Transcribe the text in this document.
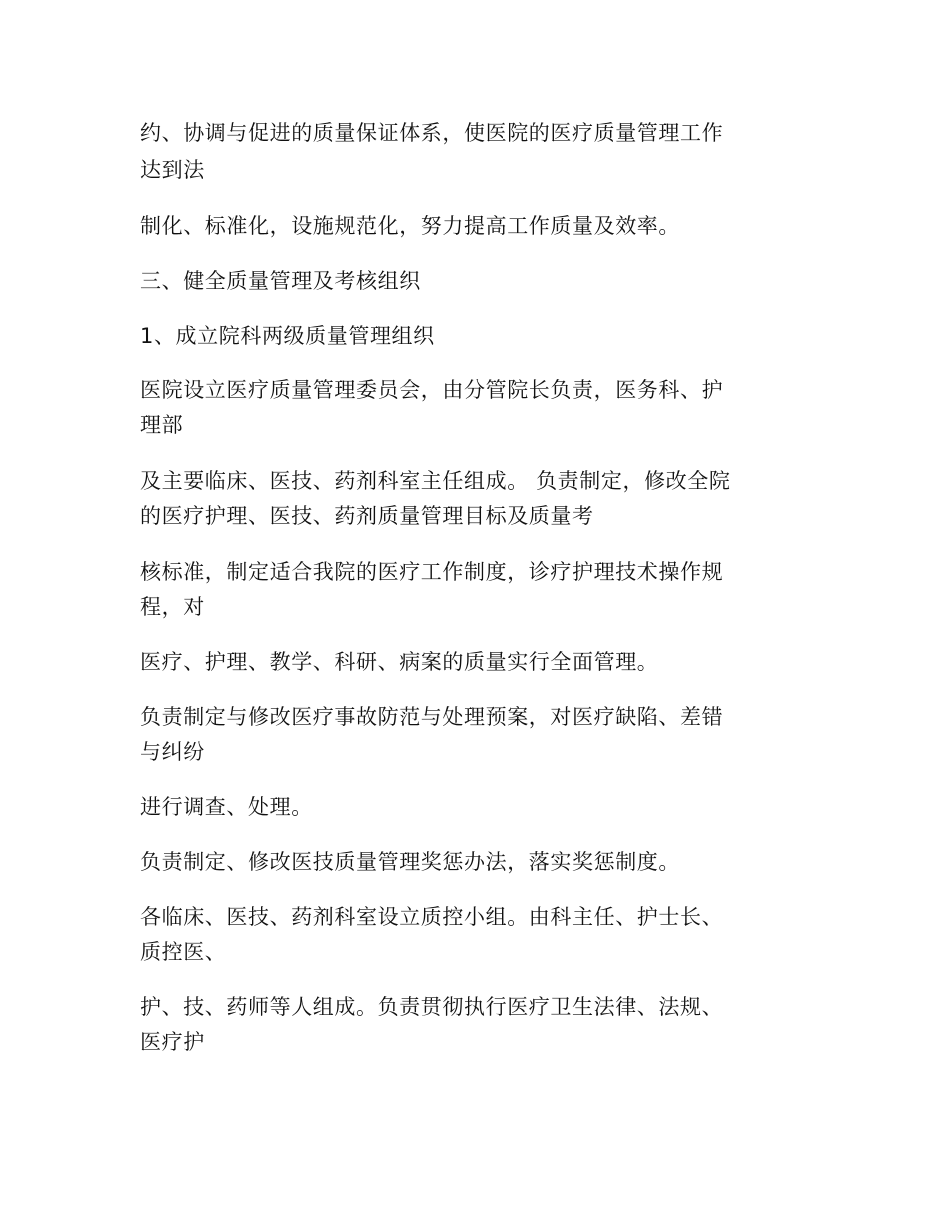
约、协调与促进的质量保证体系，使医院的医疗质量管理工作
达到法
制化、标准化，设施规范化，努力提高工作质量及效率。
三、健全质量管理及考核组织
1、成立院科两级质量管理组织
医院设立医疗质量管理委员会，由分管院长负责，医务科、护
理部
及主要临床、医技、药剂科室主任组成。 负责制定，修改全院
的医疗护理、医技、药剂质量管理目标及质量考
核标准，制定适合我院的医疗工作制度，诊疗护理技术操作规
程，对
医疗、护理、教学、科研、病案的质量实行全面管理。
负责制定与修改医疗事故防范与处理预案，对医疗缺陷、差错
与纠纷
进行调查、处理。
负责制定、修改医技质量管理奖惩办法，落实奖惩制度。
各临床、医技、药剂科室设立质控小组。由科主任、护士长、
质控医、
护、技、药师等人组成。负责贯彻执行医疗卫生法律、法规、
医疗护
